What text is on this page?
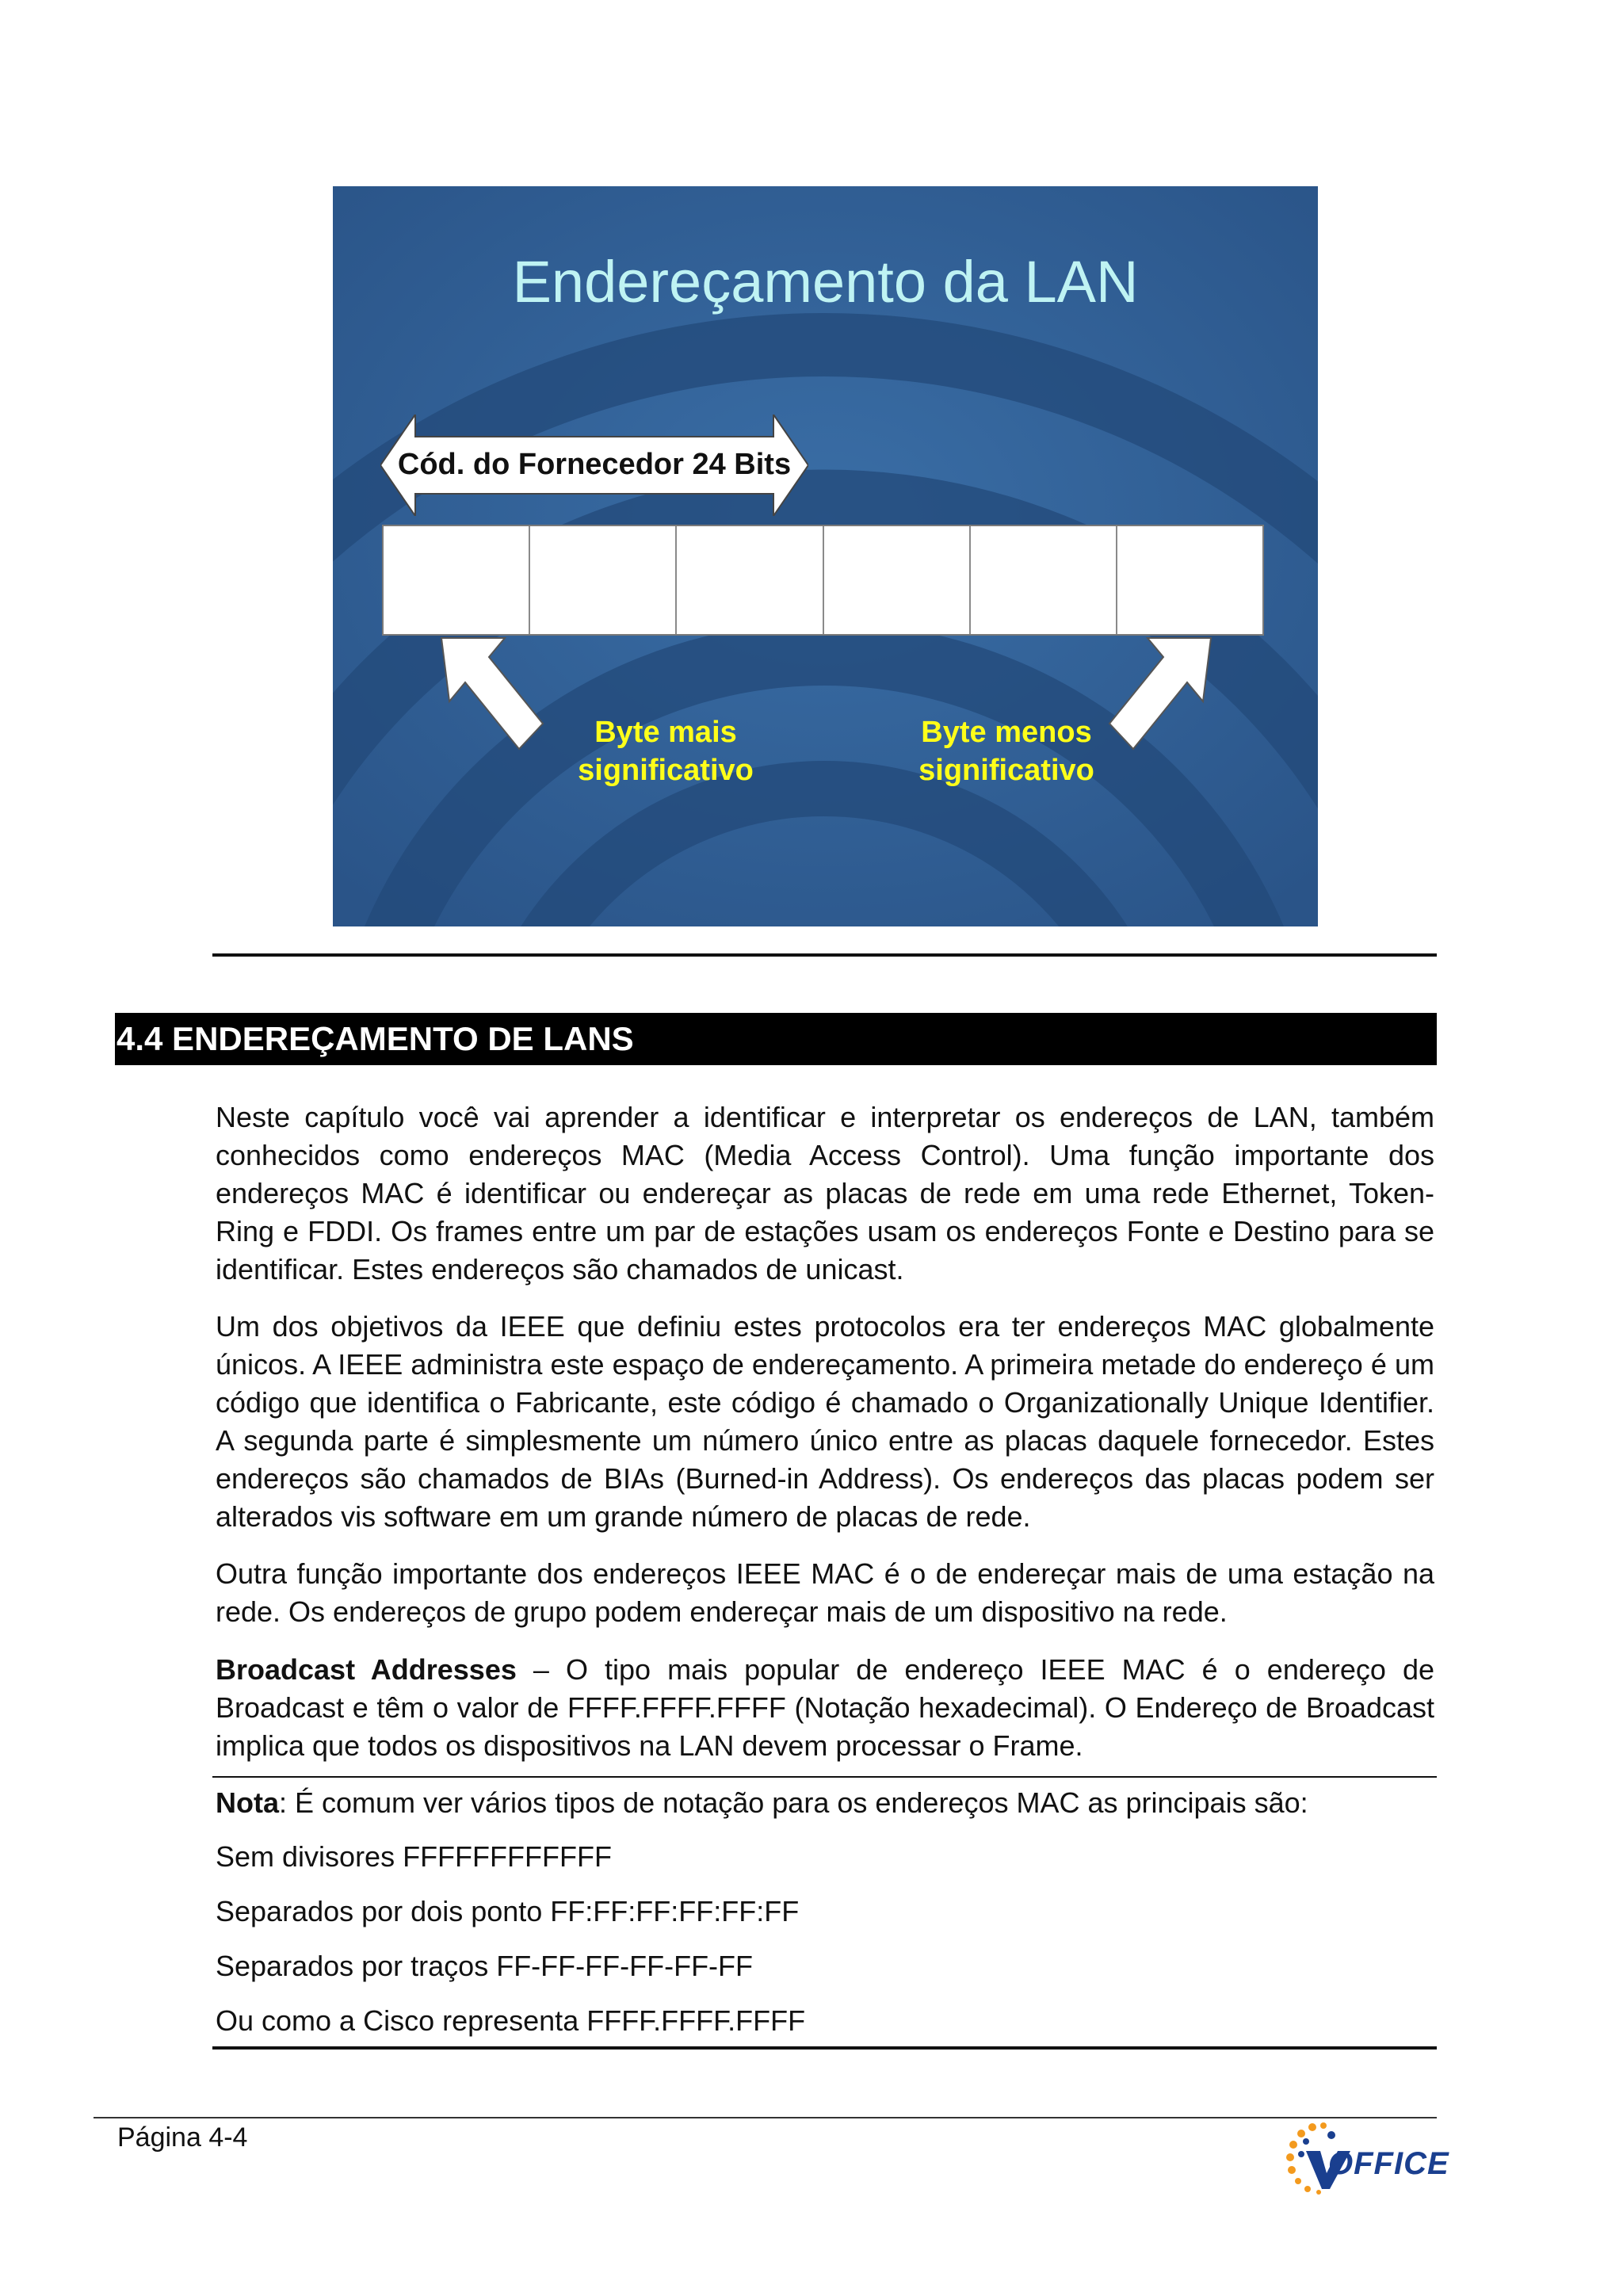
Endereçamento da LAN
Cód. do Fornecedor 24 Bits
Byte mais
significativo
Byte menos
significativo
4.4 ENDEREÇAMENTO DE LANS

Neste capítulo você vai aprender a identificar e interpretar os endereços de LAN, também conhecidos como endereços MAC (Media Access Control). Uma função importante dos endereços MAC é identificar ou endereçar as placas de rede em uma rede Ethernet, Token-Ring e FDDI. Os frames entre um par de estações usam os endereços Fonte e Destino para se identificar. Estes endereços são chamados de unicast.

Um dos objetivos da IEEE que definiu estes protocolos era ter endereços MAC globalmente únicos. A IEEE administra este espaço de endereçamento. A primeira metade do endereço é um código que identifica o Fabricante, este código é chamado o Organizationally Unique Identifier. A segunda parte é simplesmente um número único entre as placas daquele fornecedor. Estes endereços são chamados de BIAs (Burned-in Address). Os endereços das placas podem ser alterados vis software em um grande número de placas de rede.

Outra função importante dos endereços IEEE MAC é o de endereçar mais de uma estação na rede. Os endereços de grupo podem endereçar mais de um dispositivo na rede.

Broadcast Addresses – O tipo mais popular de endereço IEEE MAC é o endereço de Broadcast e têm o valor de FFFF.FFFF.FFFF (Notação hexadecimal). O Endereço de Broadcast implica que todos os dispositivos na LAN devem processar o Frame.

Nota: É comum ver vários tipos de notação para os endereços MAC as principais são:

Sem divisores FFFFFFFFFFFF

Separados por dois ponto FF:FF:FF:FF:FF:FF

Separados por traços FF-FF-FF-FF-FF-FF

Ou como a Cisco representa FFFF.FFFF.FFFF

Página 4-4
OFFICE
